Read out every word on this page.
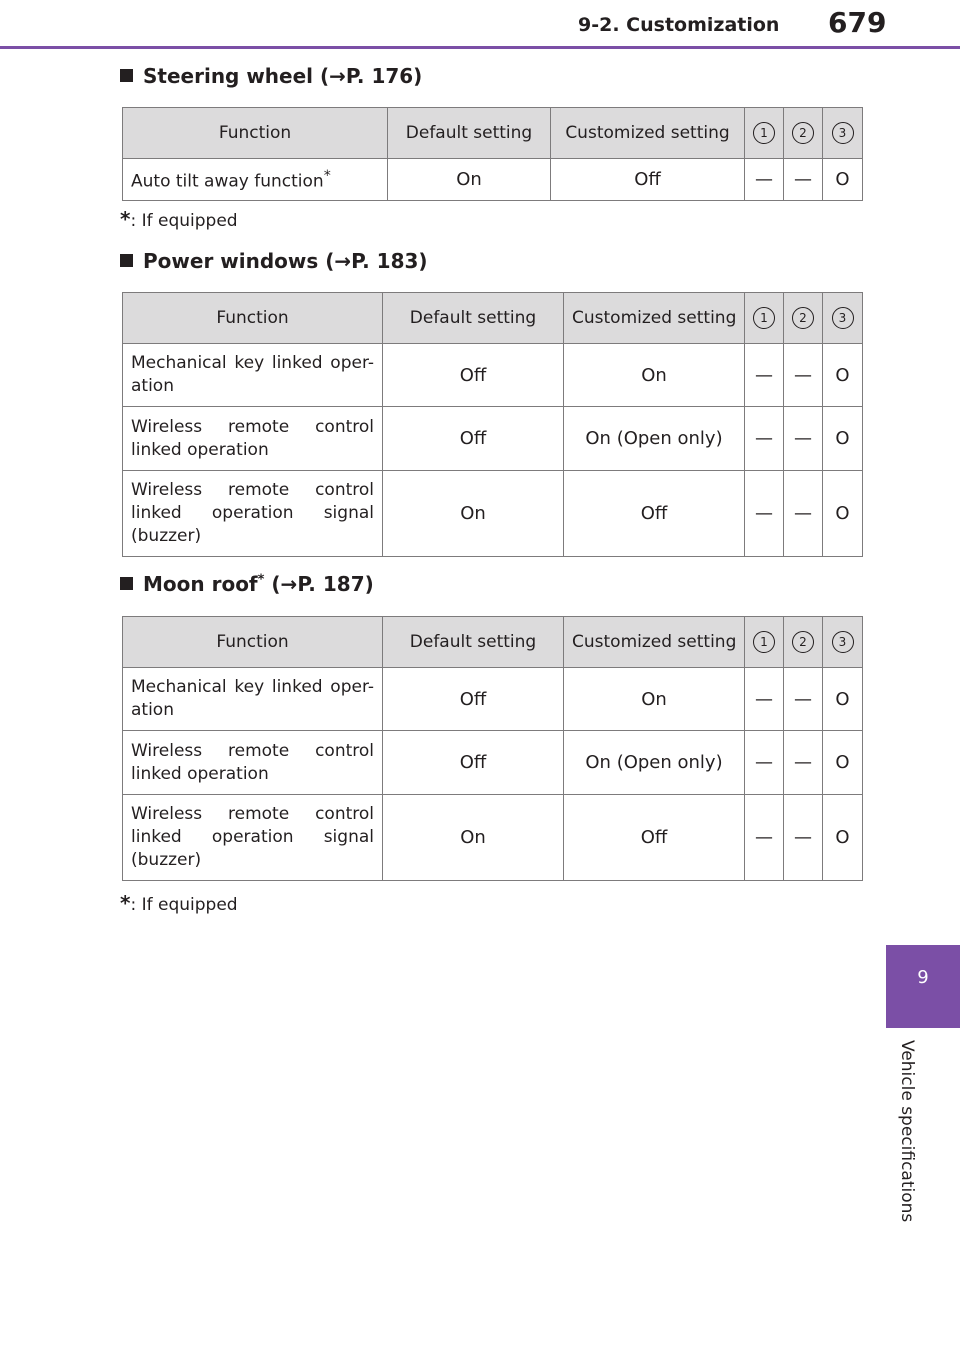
9-2. Customization 679
Steering wheel (→P. 176)
Function	Default setting	Customized setting	1	2	3
Auto tilt away function*	On	Off	—	—	O
*: If equipped
Power windows (→P. 183)
Function	Default setting	Customized setting	1	2	3
Mechanical key linked oper-ation	Off	On	—	—	O
Wireless remote control linked operation	Off	On (Open only)	—	—	O
Wireless remote control linked operation signal (buzzer)	On	Off	—	—	O
Moon roof* (→P. 187)
Function	Default setting	Customized setting	1	2	3
Mechanical key linked oper-ation	Off	On	—	—	O
Wireless remote control linked operation	Off	On (Open only)	—	—	O
Wireless remote control linked operation signal (buzzer)	On	Off	—	—	O
*: If equipped
9
Vehicle specifications
